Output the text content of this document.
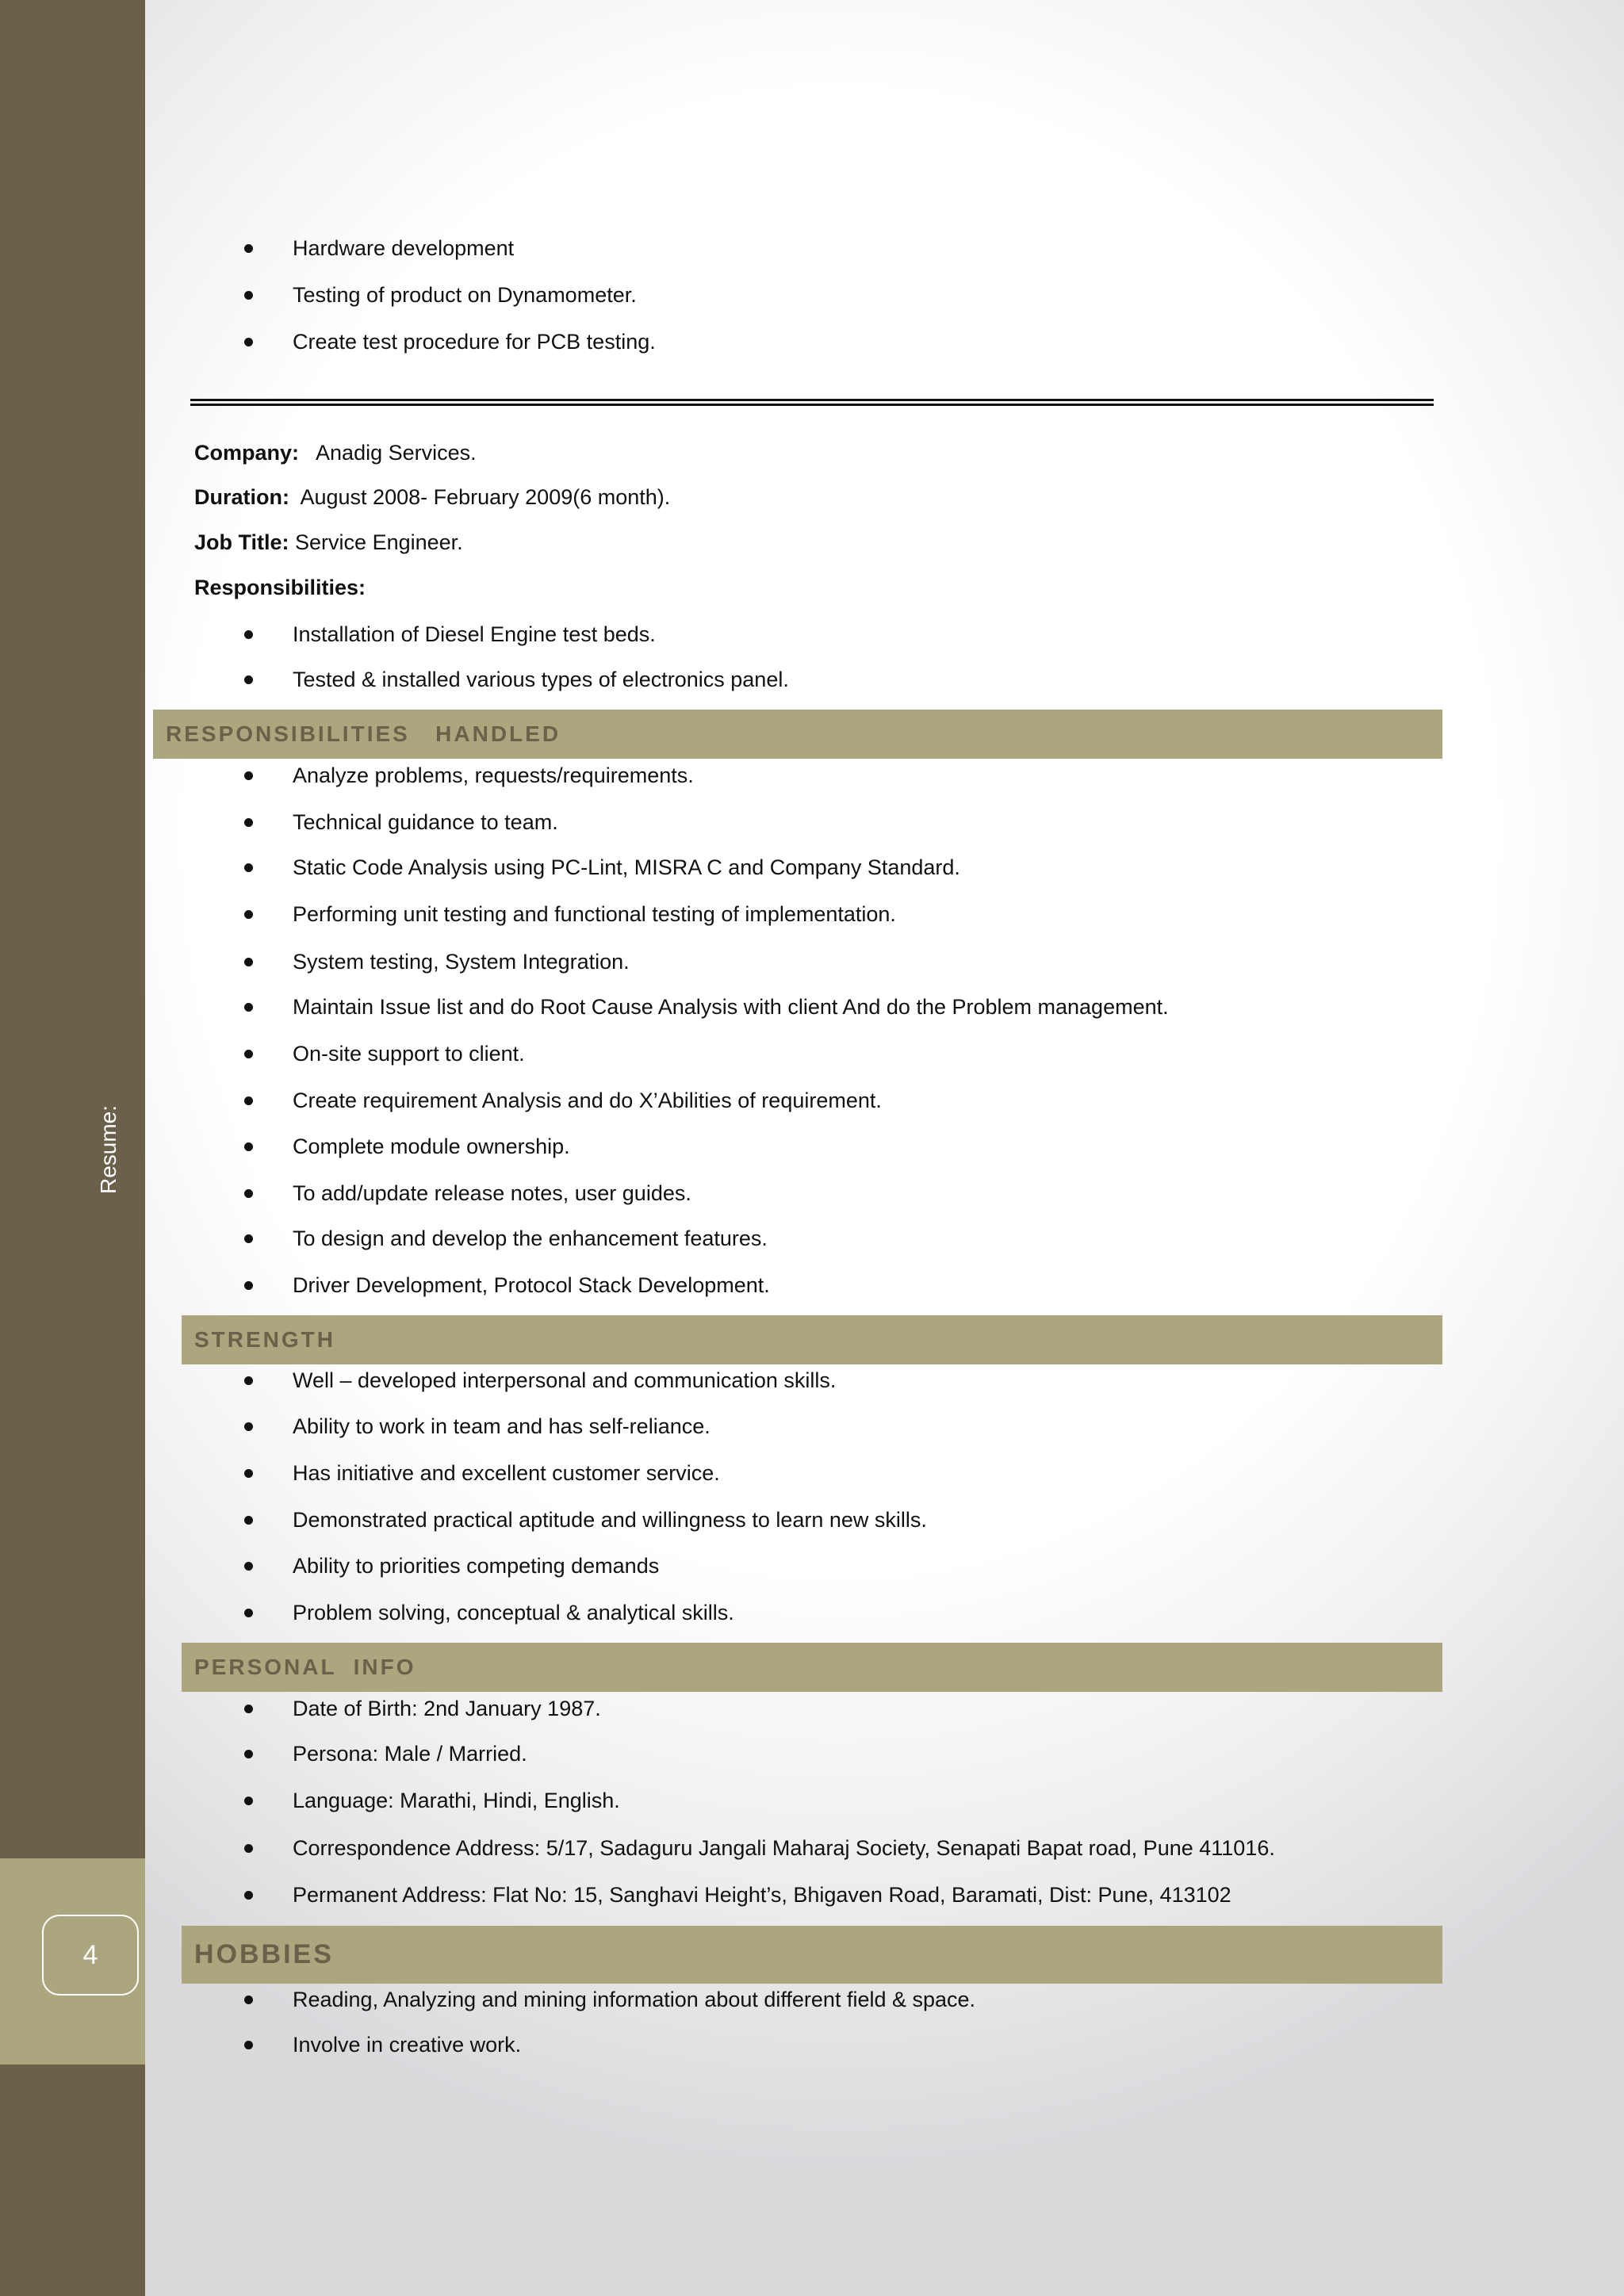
Resume:
4
Hardware development
Testing of product on Dynamometer.
Create test procedure for PCB testing.
Company: Anadig Services.
Duration: August 2008- February 2009(6 month).
Job Title: Service Engineer.
Responsibilities:
Installation of Diesel Engine test beds.
Tested & installed various types of electronics panel.
RESPONSIBILITIES   HANDLED
Analyze problems, requests/requirements.
Technical guidance to team.
Static Code Analysis using PC-Lint, MISRA C and Company Standard.
Performing unit testing and functional testing of implementation.
System testing, System Integration.
Maintain Issue list and do Root Cause Analysis with client And do the Problem management.
On-site support to client.
Create requirement Analysis and do X’Abilities of requirement.
Complete module ownership.
To add/update release notes, user guides.
To design and develop the enhancement features.
Driver Development, Protocol Stack Development.
STRENGTH
Well – developed interpersonal and communication skills.
Ability to work in team and has self-reliance.
Has initiative and excellent customer service.
Demonstrated practical aptitude and willingness to learn new skills.
Ability to priorities competing demands
Problem solving, conceptual & analytical skills.
PERSONAL  INFO
Date of Birth: 2nd January 1987.
Persona: Male / Married.
Language: Marathi, Hindi, English.
Correspondence Address: 5/17, Sadaguru Jangali Maharaj Society, Senapati Bapat road, Pune 411016.
Permanent Address: Flat No: 15, Sanghavi Height’s, Bhigaven Road, Baramati, Dist: Pune, 413102
HOBBIES
Reading, Analyzing and mining information about different field & space.
Involve in creative work.
